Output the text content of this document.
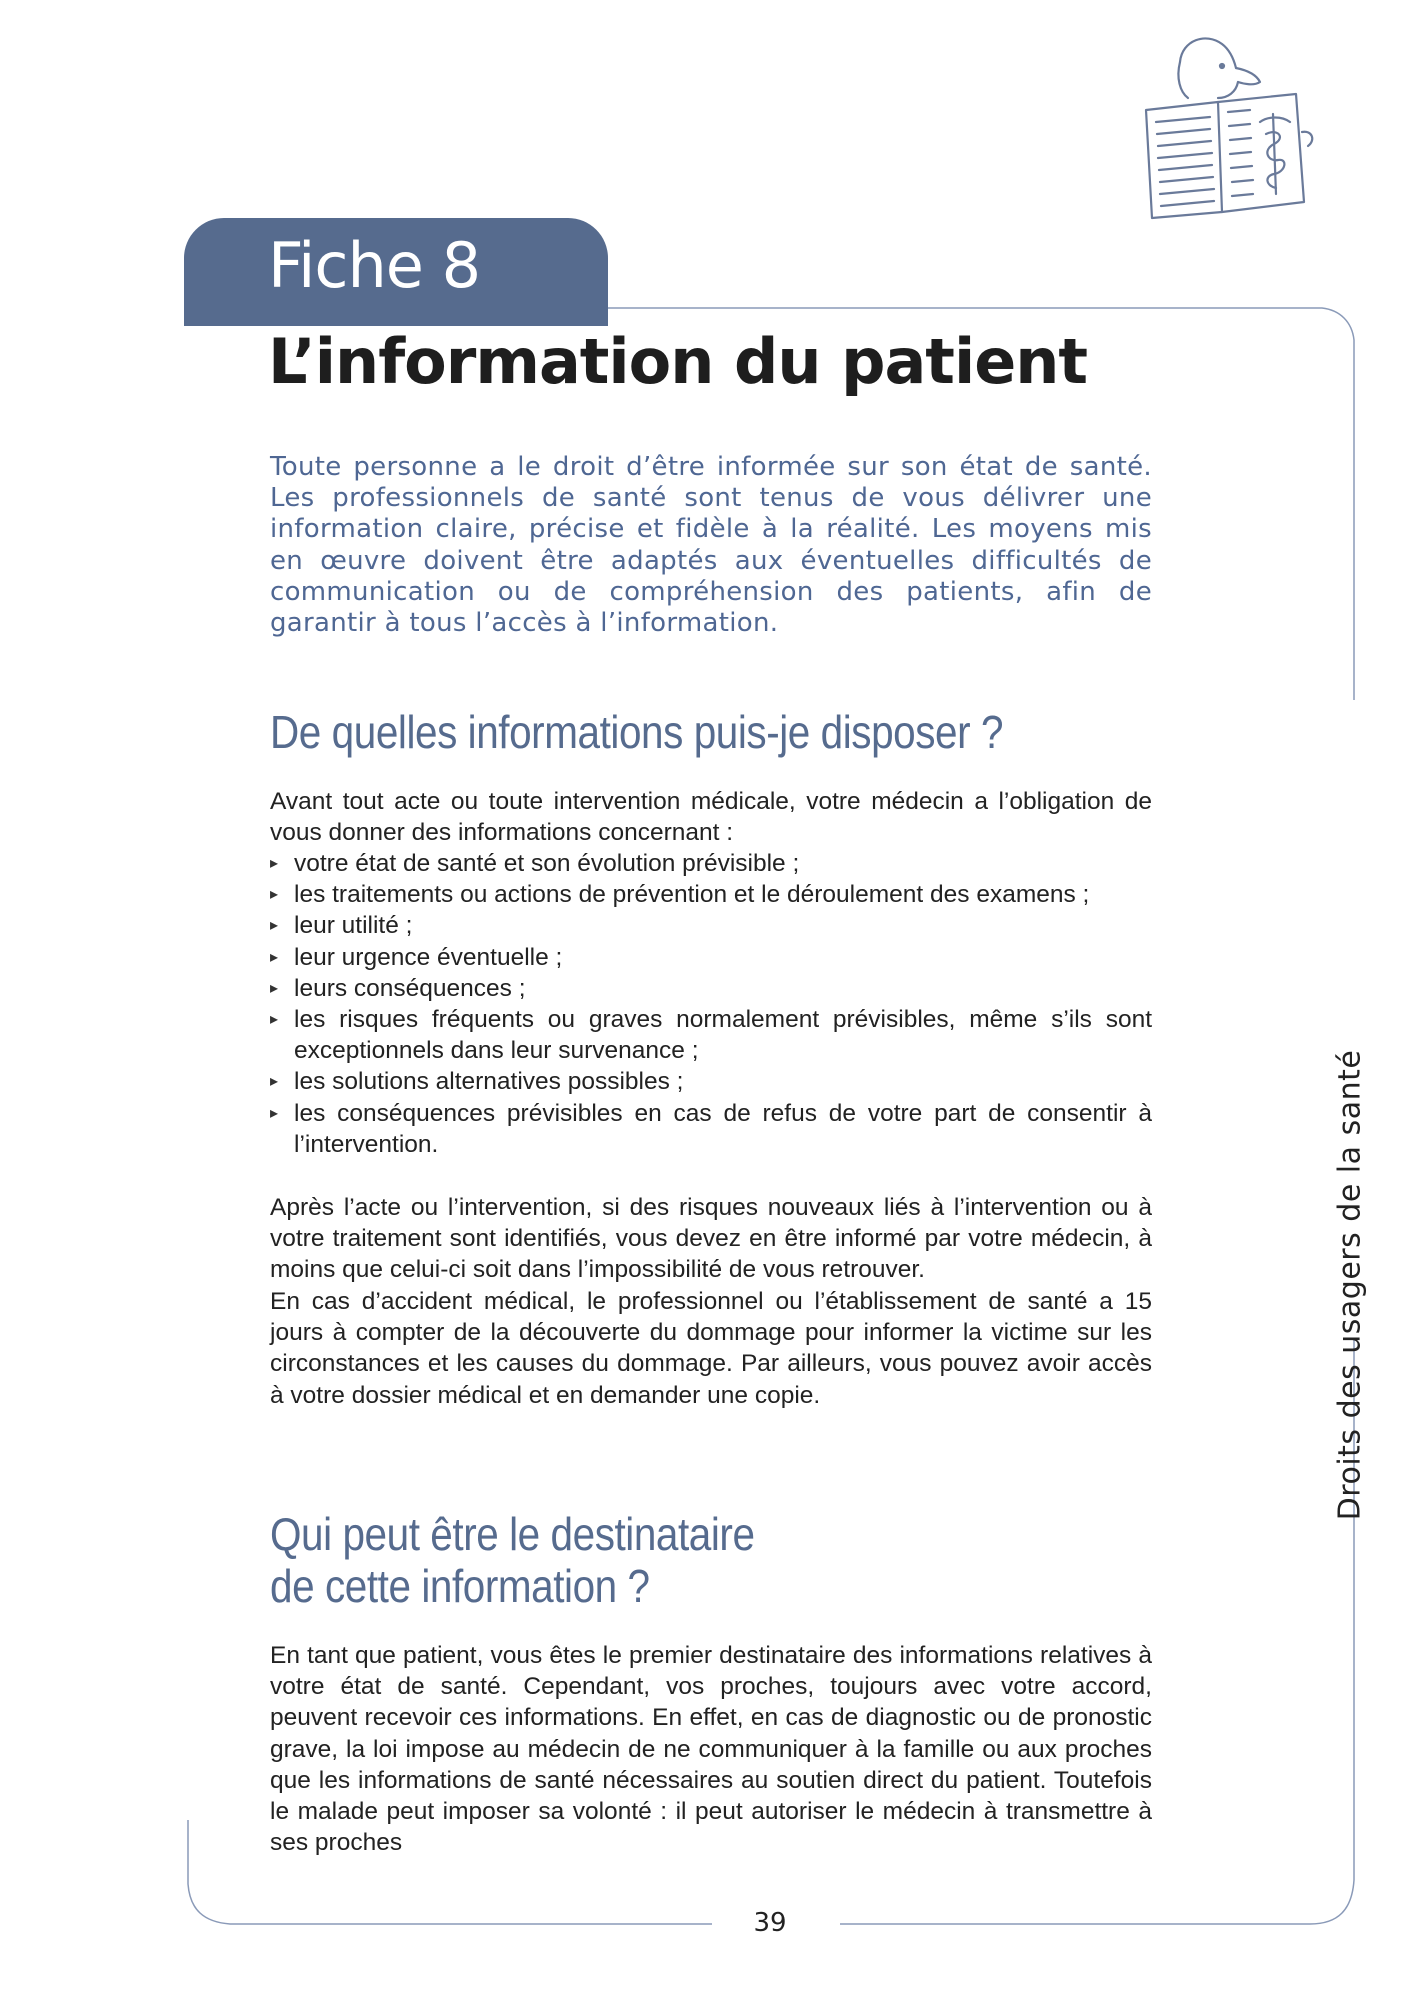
Fiche 8
L’information du patient

Toute personne a le droit d’être informée sur son état de santé. Les professionnels de santé sont tenus de vous délivrer une information claire, précise et fidèle à la réalité. Les moyens mis en œuvre doivent être adaptés aux éventuelles difficultés de communication ou de compréhension des patients, afin de garantir à tous l’accès à l’information.

De quelles informations puis-je disposer ?

Avant tout acte ou toute intervention médicale, votre médecin a l’obligation de vous donner des informations concernant :

▸ votre état de santé et son évolution prévisible ;
▸ les traitements ou actions de prévention et le déroulement des examens ;
▸ leur utilité ;
▸ leur urgence éventuelle ;
▸ leurs conséquences ;
▸ les risques fréquents ou graves normalement prévisibles, même s’ils sont exceptionnels dans leur survenance ;
▸ les solutions alternatives possibles ;
▸ les conséquences prévisibles en cas de refus de votre part de consentir à l’intervention.

Après l’acte ou l’intervention, si des risques nouveaux liés à l’intervention ou à votre traitement sont identifiés, vous devez en être informé par votre médecin, à moins que celui-ci soit dans l’impossibilité de vous retrouver.

En cas d’accident médical, le professionnel ou l’établissement de santé a 15 jours à compter de la découverte du dommage pour informer la victime sur les circonstances et les causes du dommage. Par ailleurs, vous pouvez avoir accès à votre dossier médical et en demander une copie.

Qui peut être le destinataire de cette information ?

En tant que patient, vous êtes le premier destinataire des informations relatives à votre état de santé. Cependant, vos proches, toujours avec votre accord, peuvent recevoir ces informations. En effet, en cas de diagnostic ou de pronostic grave, la loi impose au médecin de ne communiquer à la famille ou aux proches que les informations de santé nécessaires au soutien direct du patient. Toutefois le malade peut imposer sa volonté : il peut autoriser le médecin à transmettre à ses proches

Droits des usagers de la santé
39
